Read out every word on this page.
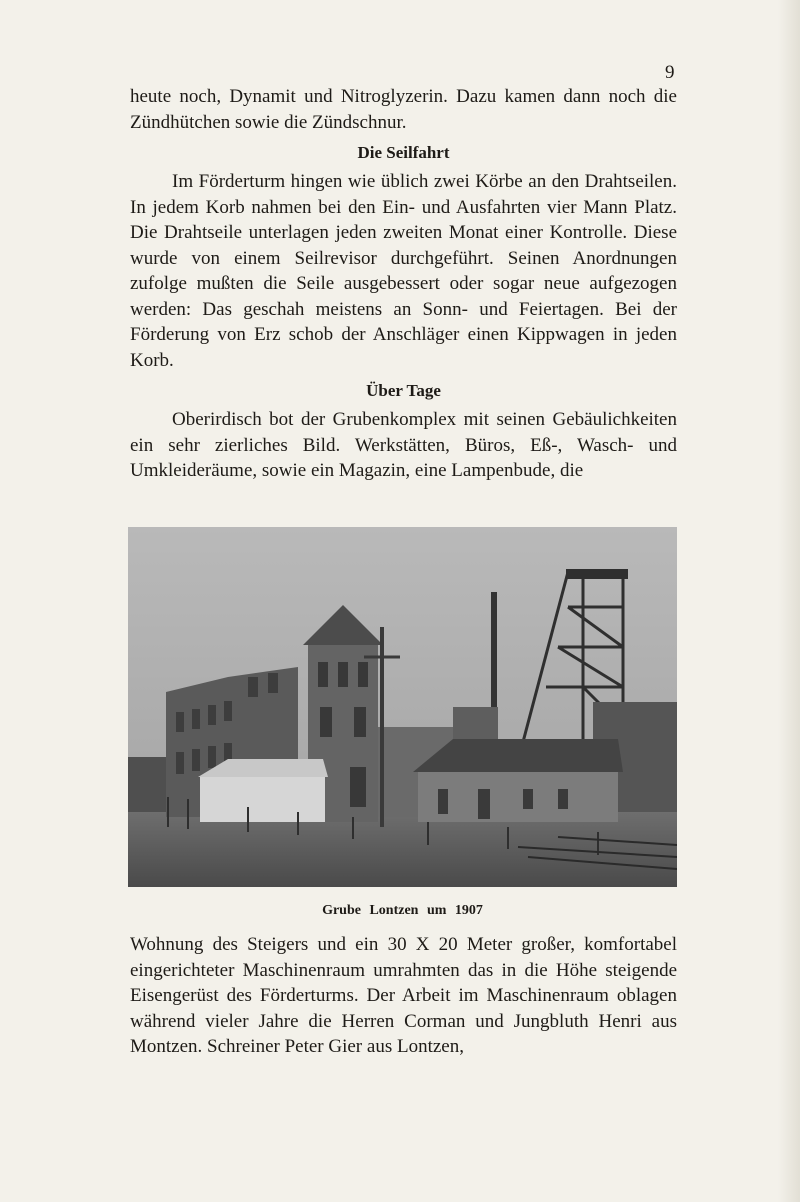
9

heute noch, Dynamit und Nitroglyzerin. Dazu kamen dann noch die Zündhütchen sowie die Zündschnur.

Die Seilfahrt

Im Förderturm hingen wie üblich zwei Körbe an den Drahtseilen. In jedem Korb nahmen bei den Ein- und Ausfahrten vier Mann Platz. Die Drahtseile unterlagen jeden zweiten Monat einer Kontrolle. Diese wurde von einem Seilrevisor durchgeführt. Seinen Anordnungen zufolge mußten die Seile ausgebessert oder sogar neue aufgezogen werden: Das geschah meistens an Sonn- und Feiertagen. Bei der Förderung von Erz schob der Anschläger einen Kippwagen in jeden Korb.

Über Tage

Oberirdisch bot der Grubenkomplex mit seinen Gebäulichkeiten ein sehr zierliches Bild. Werkstätten, Büros, Eß-, Wasch- und Umkleideräume, sowie ein Magazin, eine Lampenbude, die

Grube Lontzen um 1907

Wohnung des Steigers und ein 30 X 20 Meter großer, komfortabel eingerichteter Maschinenraum umrahmten das in die Höhe steigende Eisengerüst des Förderturms. Der Arbeit im Maschinenraum oblagen während vieler Jahre die Herren Corman und Jungbluth Henri aus Montzen. Schreiner Peter Gier aus Lontzen,
